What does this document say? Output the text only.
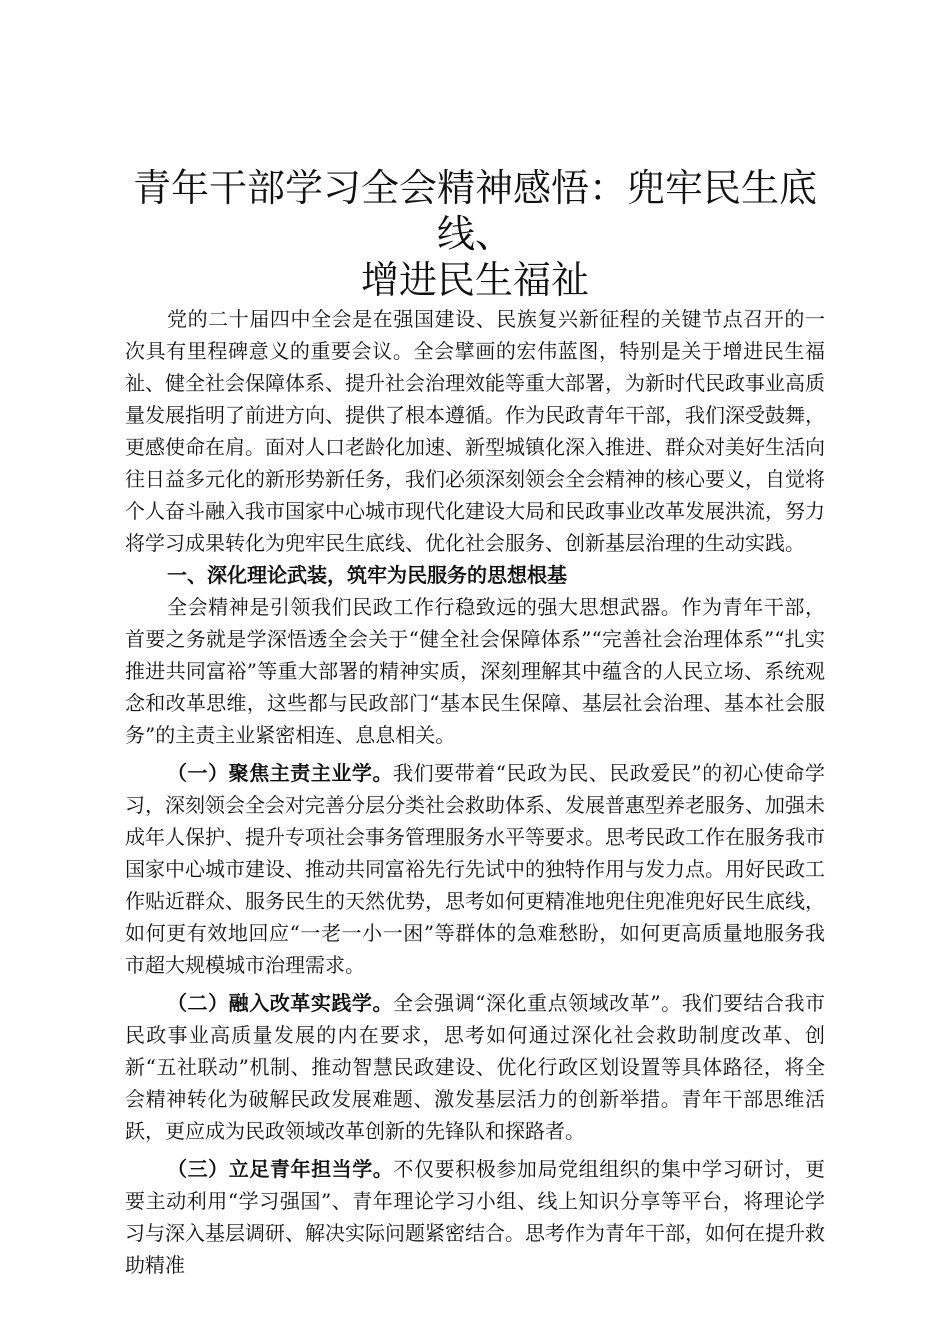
青年干部学习全会精神感悟：兜牢民生底线、
增进民生福祉

党的二十届四中全会是在强国建设、民族复兴新征程的关键节点召开的一次具有里程碑意义的重要会议。全会擘画的宏伟蓝图，特别是关于增进民生福祉、健全社会保障体系、提升社会治理效能等重大部署，为新时代民政事业高质量发展指明了前进方向、提供了根本遵循。作为民政青年干部，我们深受鼓舞，更感使命在肩。面对人口老龄化加速、新型城镇化深入推进、群众对美好生活向往日益多元化的新形势新任务，我们必须深刻领会全会精神的核心要义，自觉将个人奋斗融入我市国家中心城市现代化建设大局和民政事业改革发展洪流，努力将学习成果转化为兜牢民生底线、优化社会服务、创新基层治理的生动实践。

一、深化理论武装，筑牢为民服务的思想根基

全会精神是引领我们民政工作行稳致远的强大思想武器。作为青年干部，首要之务就是学深悟透全会关于“健全社会保障体系”“完善社会治理体系”“扎实推进共同富裕”等重大部署的精神实质，深刻理解其中蕴含的人民立场、系统观念和改革思维，这些都与民政部门“基本民生保障、基层社会治理、基本社会服务”的主责主业紧密相连、息息相关。

（一）聚焦主责主业学。我们要带着“民政为民、民政爱民”的初心使命学习，深刻领会全会对完善分层分类社会救助体系、发展普惠型养老服务、加强未成年人保护、提升专项社会事务管理服务水平等要求。思考民政工作在服务我市国家中心城市建设、推动共同富裕先行先试中的独特作用与发力点。用好民政工作贴近群众、服务民生的天然优势，思考如何更精准地兜住兜准兜好民生底线，如何更有效地回应“一老一小一困”等群体的急难愁盼，如何更高质量地服务我市超大规模城市治理需求。

（二）融入改革实践学。全会强调“深化重点领域改革”。我们要结合我市民政事业高质量发展的内在要求，思考如何通过深化社会救助制度改革、创新“五社联动”机制、推动智慧民政建设、优化行政区划设置等具体路径，将全会精神转化为破解民政发展难题、激发基层活力的创新举措。青年干部思维活跃，更应成为民政领域改革创新的先锋队和探路者。

（三）立足青年担当学。不仅要积极参加局党组组织的集中学习研讨，更要主动利用“学习强国”、青年理论学习小组、线上知识分享等平台，将理论学习与深入基层调研、解决实际问题紧密结合。思考作为青年干部，如何在提升救助精准
